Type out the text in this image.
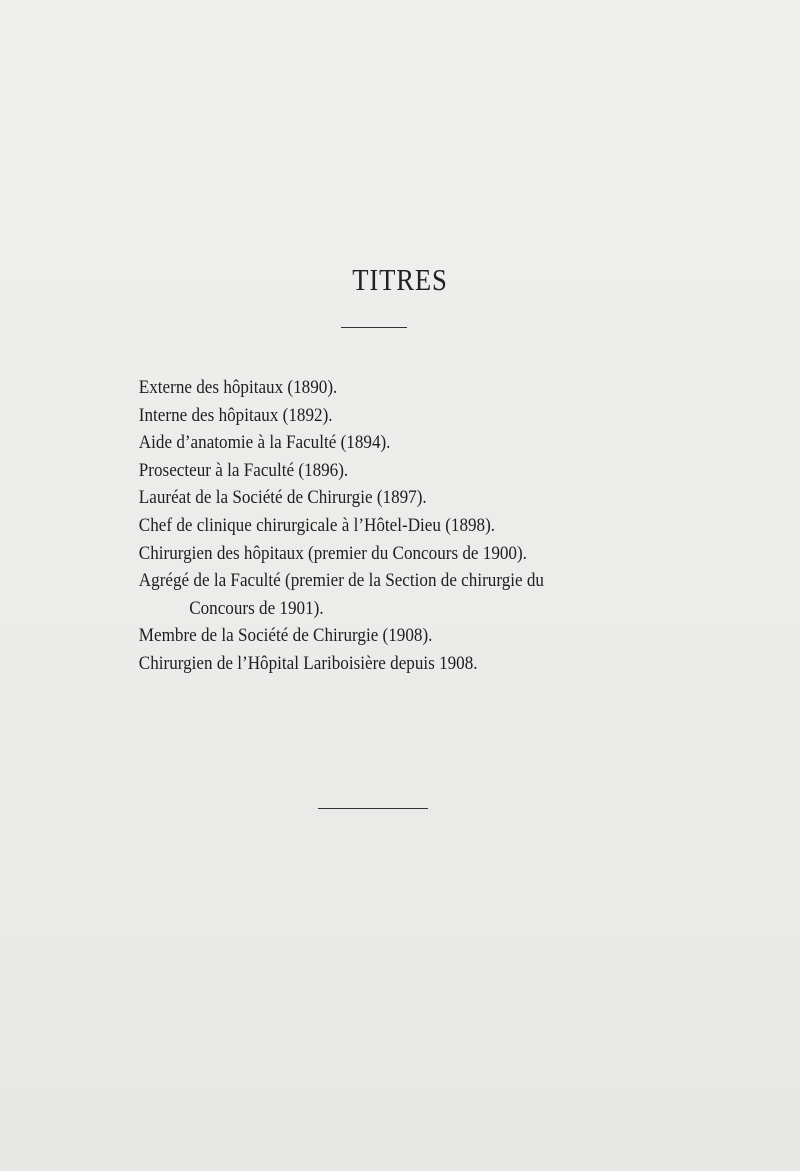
TITRES
Externe des hôpitaux (1890).
Interne des hôpitaux (1892).
Aide d’anatomie à la Faculté (1894).
Prosecteur à la Faculté (1896).
Lauréat de la Société de Chirurgie (1897).
Chef de clinique chirurgicale à l’Hôtel-Dieu (1898).
Chirurgien des hôpitaux (premier du Concours de 1900).
Agrégé de la Faculté (premier de la Section de chirurgie du
Concours de 1901).
Membre de la Société de Chirurgie (1908).
Chirurgien de l’Hôpital Lariboisière depuis 1908.
